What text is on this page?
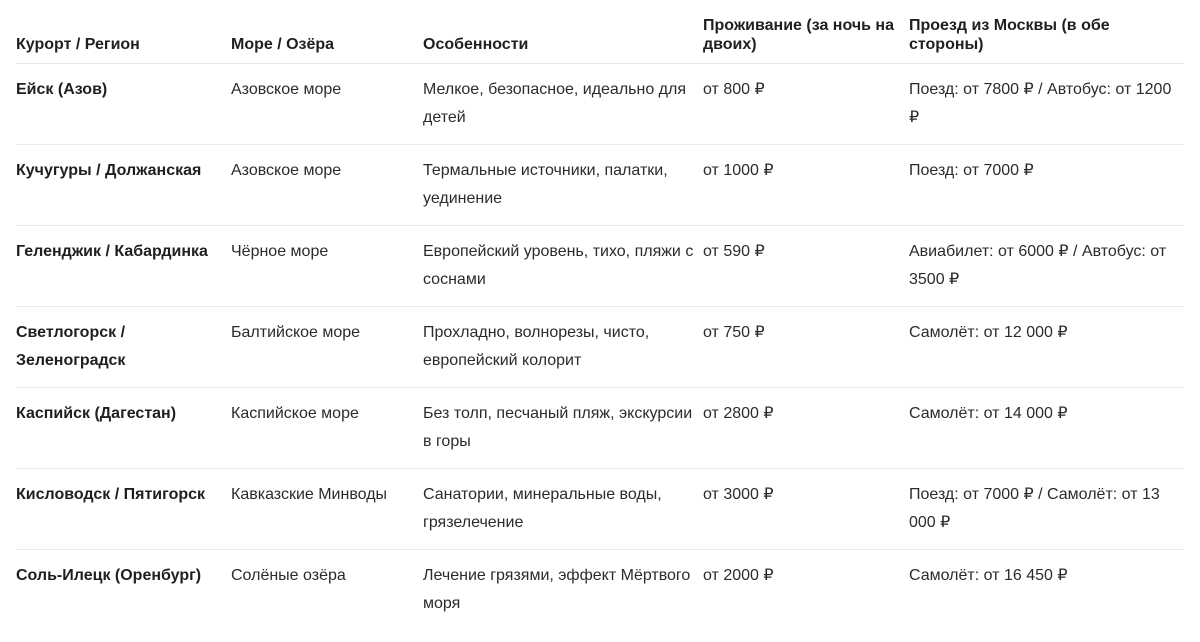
Курорт / Регион	Море / Озёра	Особенности	Проживание (за ночь на двоих)	Проезд из Москвы (в обе стороны)
Ейск (Азов)	Азовское море	Мелкое, безопасное, идеально для детей	от 800 ₽	Поезд: от 7800 ₽ / Автобус: от 1200 ₽
Кучугуры / Должанская	Азовское море	Термальные источники, палатки, уединение	от 1000 ₽	Поезд: от 7000 ₽
Геленджик / Кабардинка	Чёрное море	Европейский уровень, тихо, пляжи с соснами	от 590 ₽	Авиабилет: от 6000 ₽ / Автобус: от 3500 ₽
Светлогорск / Зеленоградск	Балтийское море	Прохладно, волнорезы, чисто, европейский колорит	от 750 ₽	Самолёт: от 12 000 ₽
Каспийск (Дагестан)	Каспийское море	Без толп, песчаный пляж, экскурсии в горы	от 2800 ₽	Самолёт: от 14 000 ₽
Кисловодск / Пятигорск	Кавказские Минводы	Санатории, минеральные воды, грязелечение	от 3000 ₽	Поезд: от 7000 ₽ / Самолёт: от 13 000 ₽
Соль-Илецк (Оренбург)	Солёные озёра	Лечение грязями, эффект Мёртвого моря	от 2000 ₽	Самолёт: от 16 450 ₽
